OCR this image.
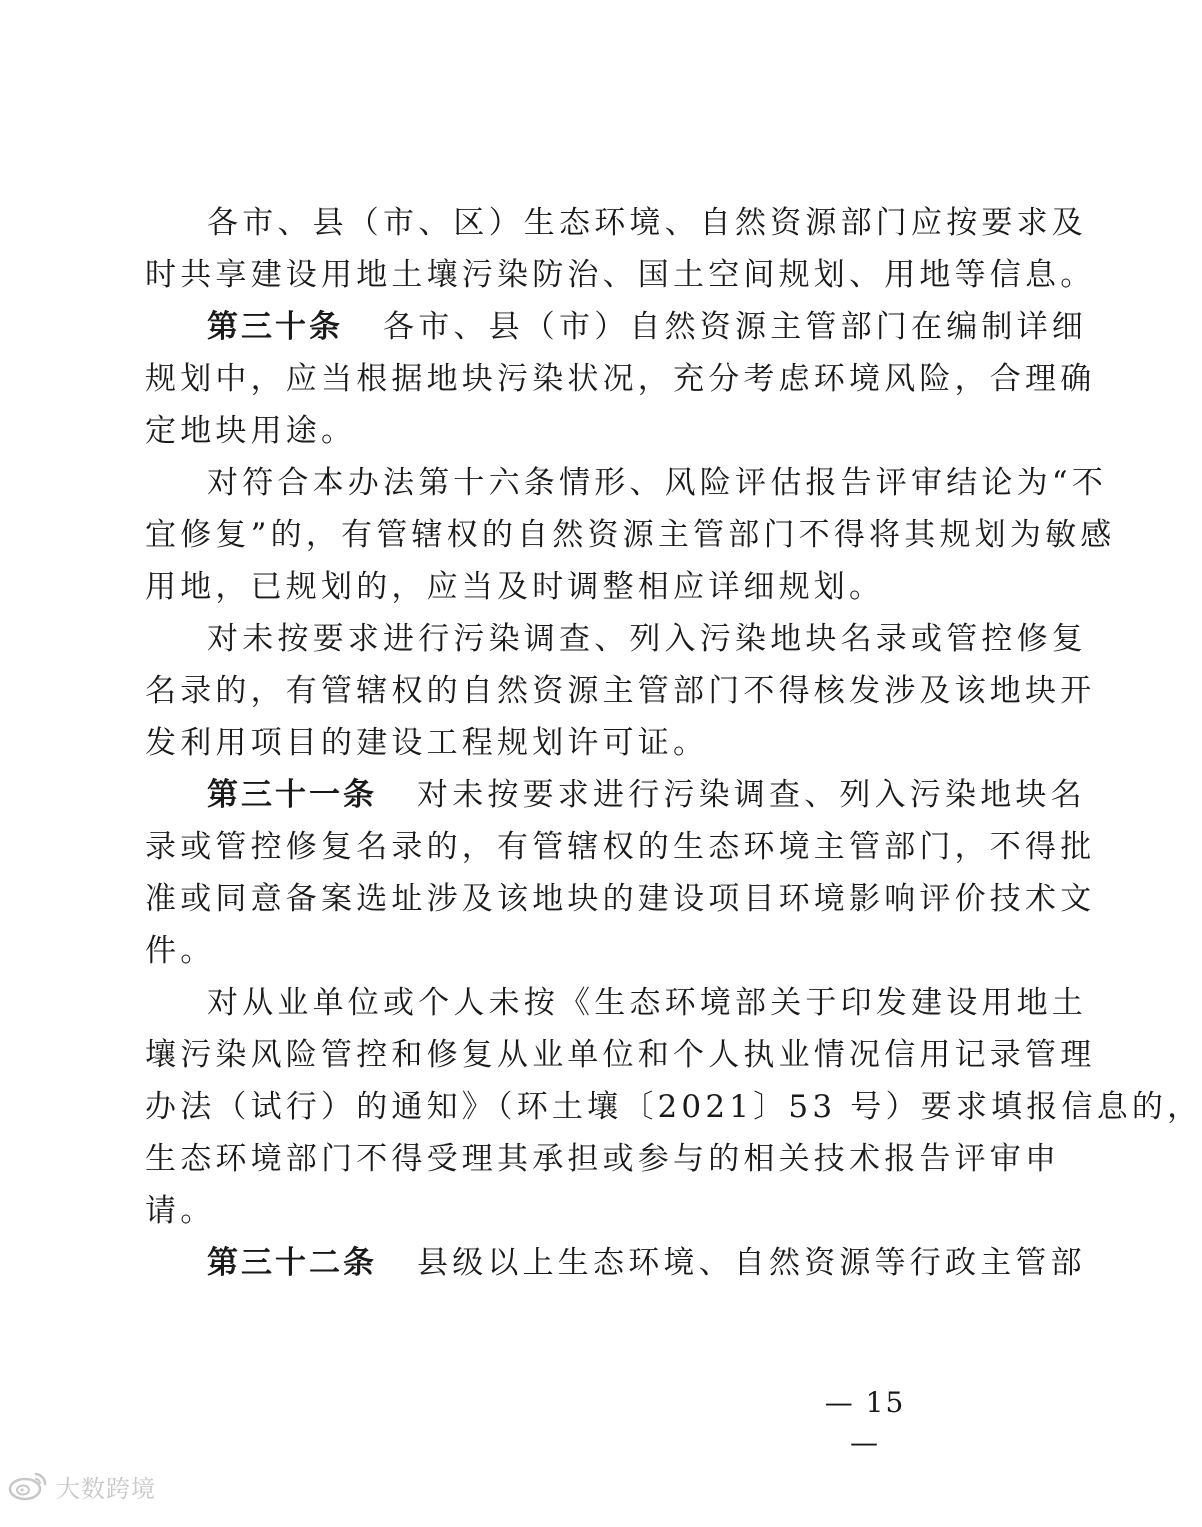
各市、县（市、区）生态环境、自然资源部门应按要求及
时共享建设用地土壤污染防治、国土空间规划、用地等信息。
第三十条 各市、县（市）自然资源主管部门在编制详细
规划中，应当根据地块污染状况，充分考虑环境风险，合理确
定地块用途。
对符合本办法第十六条情形、风险评估报告评审结论为“不
宜修复”的，有管辖权的自然资源主管部门不得将其规划为敏感
用地，已规划的，应当及时调整相应详细规划。
对未按要求进行污染调查、列入污染地块名录或管控修复
名录的，有管辖权的自然资源主管部门不得核发涉及该地块开
发利用项目的建设工程规划许可证。
第三十一条 对未按要求进行污染调查、列入污染地块名
录或管控修复名录的，有管辖权的生态环境主管部门，不得批
准或同意备案选址涉及该地块的建设项目环境影响评价技术文
件。
对从业单位或个人未按《生态环境部关于印发建设用地土
壤污染风险管控和修复从业单位和个人执业情况信用记录管理
办法（试行）的通知》（环土壤〔2021〕53 号）要求填报信息的，
生态环境部门不得受理其承担或参与的相关技术报告评审申
请。
第三十二条 县级以上生态环境、自然资源等行政主管部
— 15 —
大数跨境
